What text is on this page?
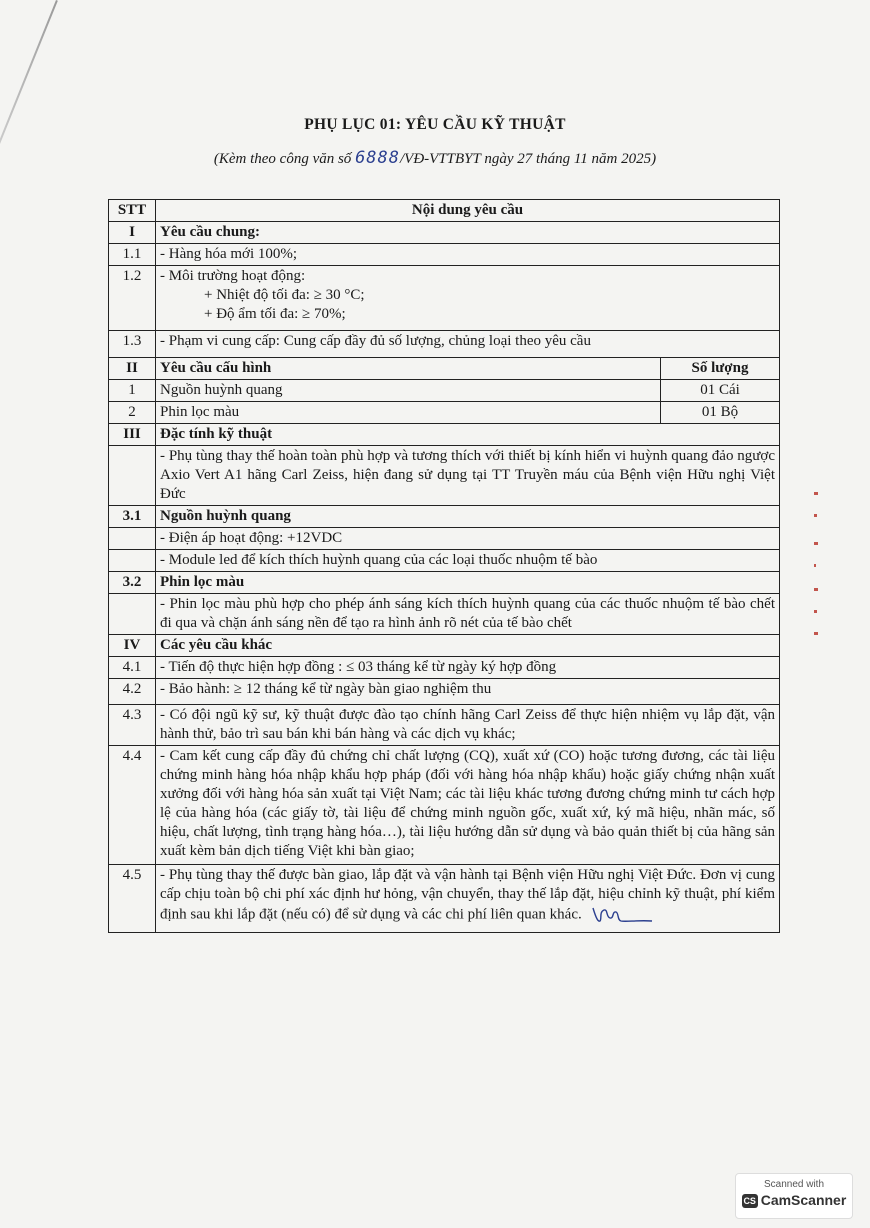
PHỤ LỤC 01: YÊU CẦU KỸ THUẬT
(Kèm theo công văn số 6888/VĐ-VTTBYT ngày 27 tháng 11 năm 2025)
STT	Nội dung yêu cầu	
I	Yêu cầu chung:	
1.1	- Hàng hóa mới 100%;	
1.2	- Môi trường hoạt động:
+ Nhiệt độ tối đa: ≥ 30 °C;
+ Độ ẩm tối đa: ≥ 70%;	

1.3	- Phạm vi cung cấp: Cung cấp đầy đủ số lượng, chủng loại theo yêu cầu	
II	Yêu cầu cấu hình	Số lượng
1	Nguồn huỳnh quang	01 Cái
2	Phin lọc màu	01 Bộ
III	Đặc tính kỹ thuật	
	- Phụ tùng thay thế hoàn toàn phù hợp và tương thích với thiết bị kính hiển vi huỳnh quang đảo ngược Axio Vert A1 hãng Carl Zeiss, hiện đang sử dụng tại TT Truyền máu của Bệnh viện Hữu nghị Việt Đức	
3.1	Nguồn huỳnh quang	
	- Điện áp hoạt động: +12VDC	
	- Module led để kích thích huỳnh quang của các loại thuốc nhuộm tế bào	
3.2	Phin lọc màu	
	- Phin lọc màu phù hợp cho phép ánh sáng kích thích huỳnh quang của các thuốc nhuộm tế bào chết đi qua và chặn ánh sáng nền để tạo ra hình ảnh rõ nét của tế bào chết	
IV	Các yêu cầu khác	
4.1	- Tiến độ thực hiện hợp đồng : ≤ 03 tháng kể từ ngày ký hợp đồng	
4.2	- Bảo hành: ≥ 12 tháng kể từ ngày bàn giao nghiệm thu	
4.3	- Có đội ngũ kỹ sư, kỹ thuật được đào tạo chính hãng Carl Zeiss để thực hiện nhiệm vụ lắp đặt, vận hành thử, bảo trì sau bán khi bán hàng và các dịch vụ khác;	
4.4	- Cam kết cung cấp đầy đủ chứng chỉ chất lượng (CQ), xuất xứ (CO) hoặc tương đương, các tài liệu chứng minh hàng hóa nhập khẩu hợp pháp (đối với hàng hóa nhập khẩu) hoặc giấy chứng nhận xuất xưởng đối với hàng hóa sản xuất tại Việt Nam; các tài liệu khác tương đương chứng minh tư cách hợp lệ của hàng hóa (các giấy tờ, tài liệu để chứng minh nguồn gốc, xuất xứ, ký mã hiệu, nhãn mác, số hiệu, chất lượng, tình trạng hàng hóa…), tài liệu hướng dẫn sử dụng và bảo quản thiết bị của hãng sản xuất kèm bản dịch tiếng Việt khi bàn giao;	
4.5	- Phụ tùng thay thế được bàn giao, lắp đặt và vận hành tại Bệnh viện Hữu nghị Việt Đức. Đơn vị cung cấp chịu toàn bộ chi phí xác định hư hỏng, vận chuyển, thay thế lắp đặt, hiệu chỉnh kỹ thuật, phí kiểm định sau khi lắp đặt (nếu có) để sử dụng và các chi phí liên quan khác.	
Scanned with
CS CamScanner
